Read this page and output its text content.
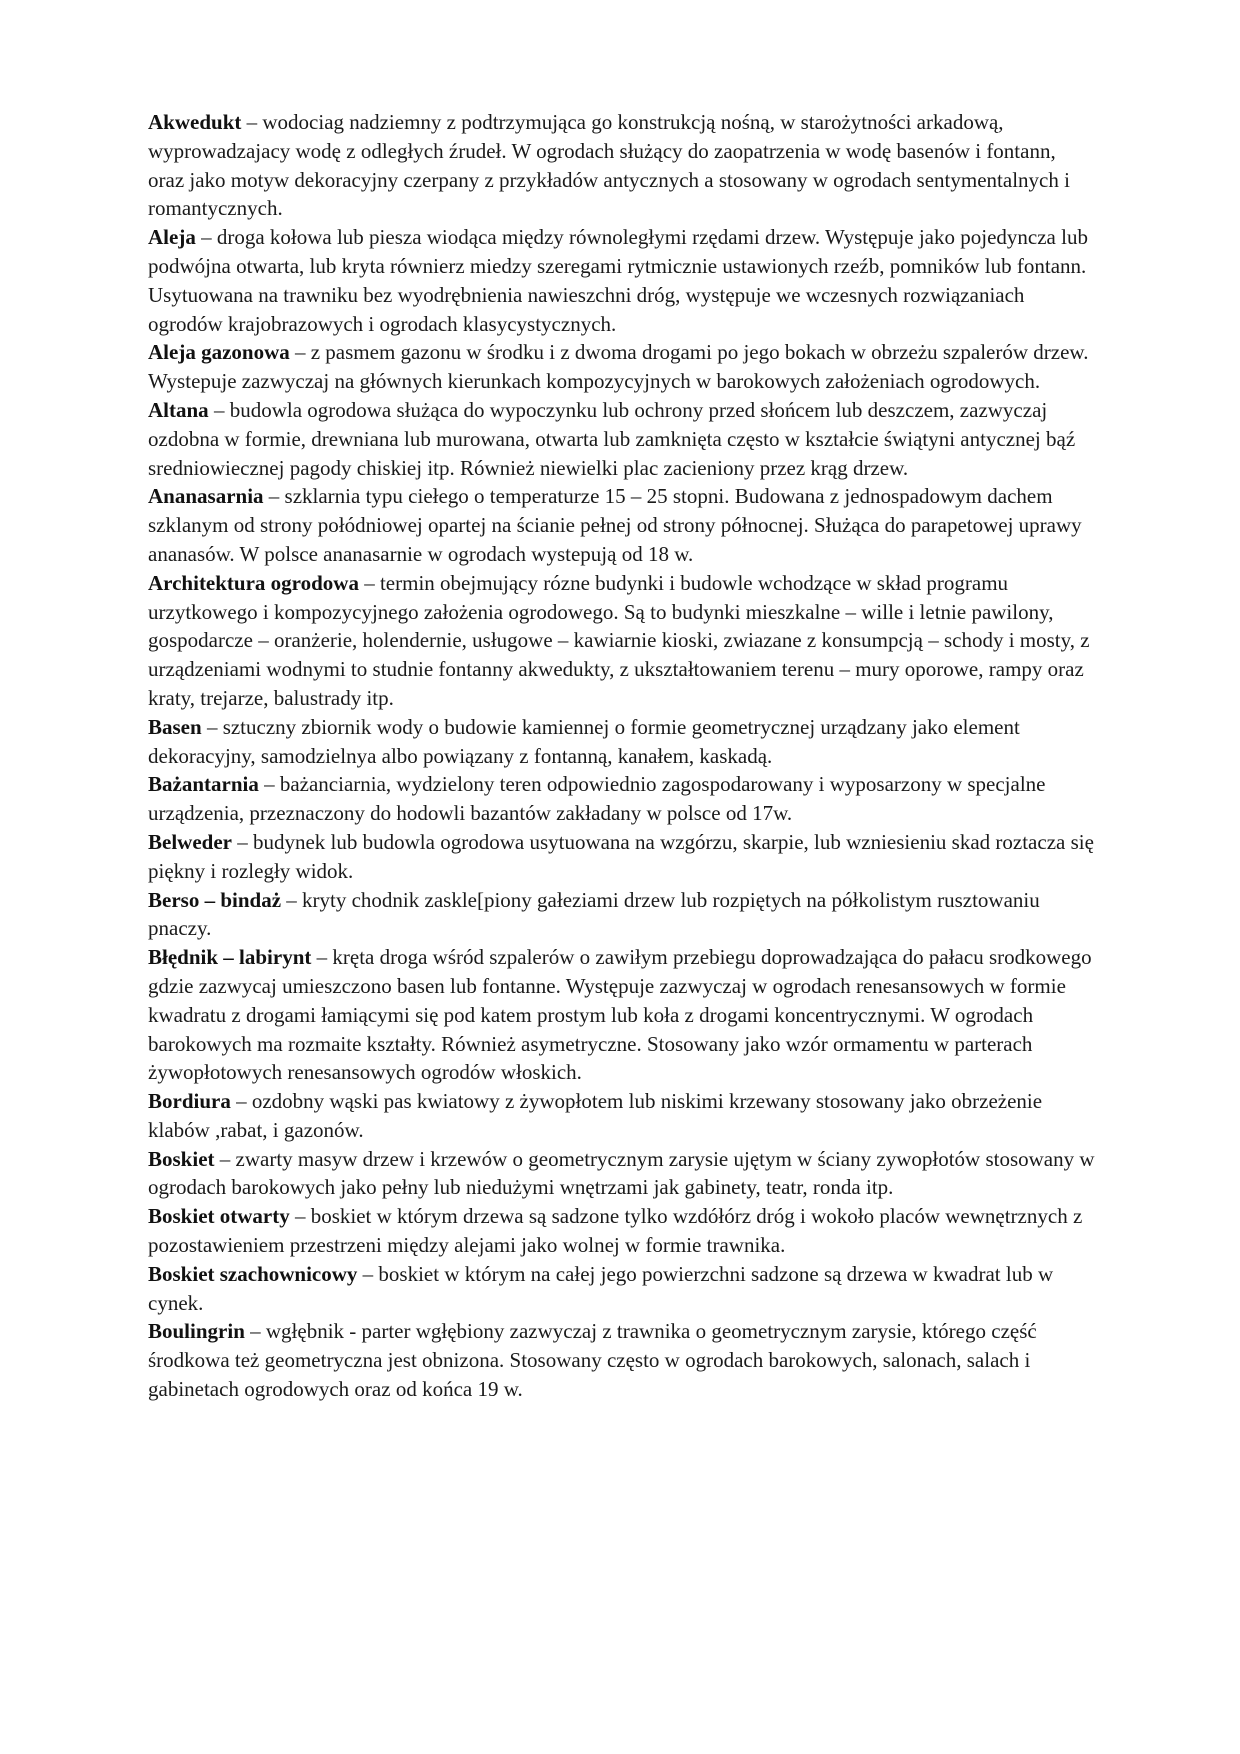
Akwedukt – wodociag nadziemny z podtrzymująca go konstrukcją nośną, w starożytności arkadową, wyprowadzajacy wodę z odległych źrudeł. W ogrodach służący do zaopatrzenia w wodę basenów i fontann, oraz jako motyw dekoracyjny czerpany z przykładów antycznych a stosowany w ogrodach sentymentalnych i romantycznych.

Aleja – droga kołowa lub piesza wiodąca między równoległymi rzędami drzew. Występuje jako pojedyncza lub podwójna otwarta, lub kryta równierz miedzy szeregami rytmicznie ustawionych rzeźb, pomników lub fontann. Usytuowana na trawniku bez wyodrębnienia nawieszchni dróg, występuje we wczesnych rozwiązaniach ogrodów krajobrazowych i ogrodach klasycystycznych.

Aleja gazonowa – z pasmem gazonu w środku i z dwoma drogami po jego bokach w obrzeżu szpalerów drzew. Wystepuje zazwyczaj na głównych kierunkach kompozycyjnych w barokowych założeniach ogrodowych.

Altana – budowla ogrodowa służąca do wypoczynku lub ochrony przed słońcem lub deszczem, zazwyczaj ozdobna w formie, drewniana lub murowana, otwarta lub zamknięta często w kształcie świątyni antycznej bąź sredniowiecznej pagody chiskiej itp. Również niewielki plac zacieniony przez krąg drzew.

Ananasarnia – szklarnia typu ciełego o temperaturze 15 – 25 stopni. Budowana z jednospadowym dachem szklanym od strony połódniowej opartej na ścianie pełnej od strony północnej. Służąca do parapetowej uprawy ananasów. W polsce ananasarnie w ogrodach wystepują od 18 w.

Architektura ogrodowa – termin obejmujący rózne budynki i budowle wchodzące w skład programu urzytkowego i kompozycyjnego założenia ogrodowego. Są to budynki mieszkalne – wille i letnie pawilony, gospodarcze – oranżerie, holendernie, usługowe – kawiarnie kioski, zwiazane z konsumpcją – schody i mosty, z urządzeniami wodnymi to studnie fontanny akwedukty, z ukształtowaniem terenu – mury oporowe, rampy oraz kraty, trejarze, balustrady itp.

Basen – sztuczny zbiornik wody o budowie kamiennej o formie geometrycznej urządzany jako element dekoracyjny, samodzielnya albo powiązany z fontanną, kanałem, kaskadą.

Bażantarnia – bażanciarnia, wydzielony teren odpowiednio zagospodarowany i wyposarzony w specjalne urządzenia, przeznaczony do hodowli bazantów zakładany w polsce od 17w.

Belweder – budynek lub budowla ogrodowa usytuowana na wzgórzu, skarpie, lub wzniesieniu skad roztacza się piękny i rozległy widok.

Berso – bindaż – kryty chodnik zaskle[piony gałeziami drzew lub rozpiętych na półkolistym rusztowaniu pnaczy.

Błędnik – labirynt – kręta droga wśród szpalerów o zawiłym przebiegu doprowadzająca do pałacu srodkowego gdzie zazwycaj umieszczono basen lub fontanne. Występuje zazwyczaj w ogrodach renesansowych w formie kwadratu z drogami łamiącymi się pod katem prostym lub koła z drogami koncentrycznymi. W ogrodach barokowych ma rozmaite kształty. Również asymetryczne. Stosowany jako wzór ormamentu w parterach żywopłotowych renesansowych ogrodów włoskich.

Bordiura – ozdobny wąski pas kwiatowy z żywopłotem lub niskimi krzewany stosowany jako obrzeżenie klabów ,rabat, i gazonów.

Boskiet – zwarty masyw drzew i krzewów o geometrycznym zarysie ujętym w ściany zywopłotów stosowany w ogrodach barokowych jako pełny lub niedużymi wnętrzami jak gabinety, teatr, ronda itp.

Boskiet otwarty – boskiet w którym drzewa są sadzone tylko wzdółórz dróg i wokoło placów wewnętrznych z pozostawieniem przestrzeni między alejami jako wolnej w formie trawnika.

Boskiet szachownicowy – boskiet w którym na całej jego powierzchni sadzone są drzewa w kwadrat lub w cynek.

Boulingrin – wgłębnik - parter wgłębiony zazwyczaj z trawnika o geometrycznym zarysie, którego część środkowa też geometryczna jest obnizona. Stosowany często w ogrodach barokowych, salonach, salach i gabinetach ogrodowych oraz od końca 19 w.
